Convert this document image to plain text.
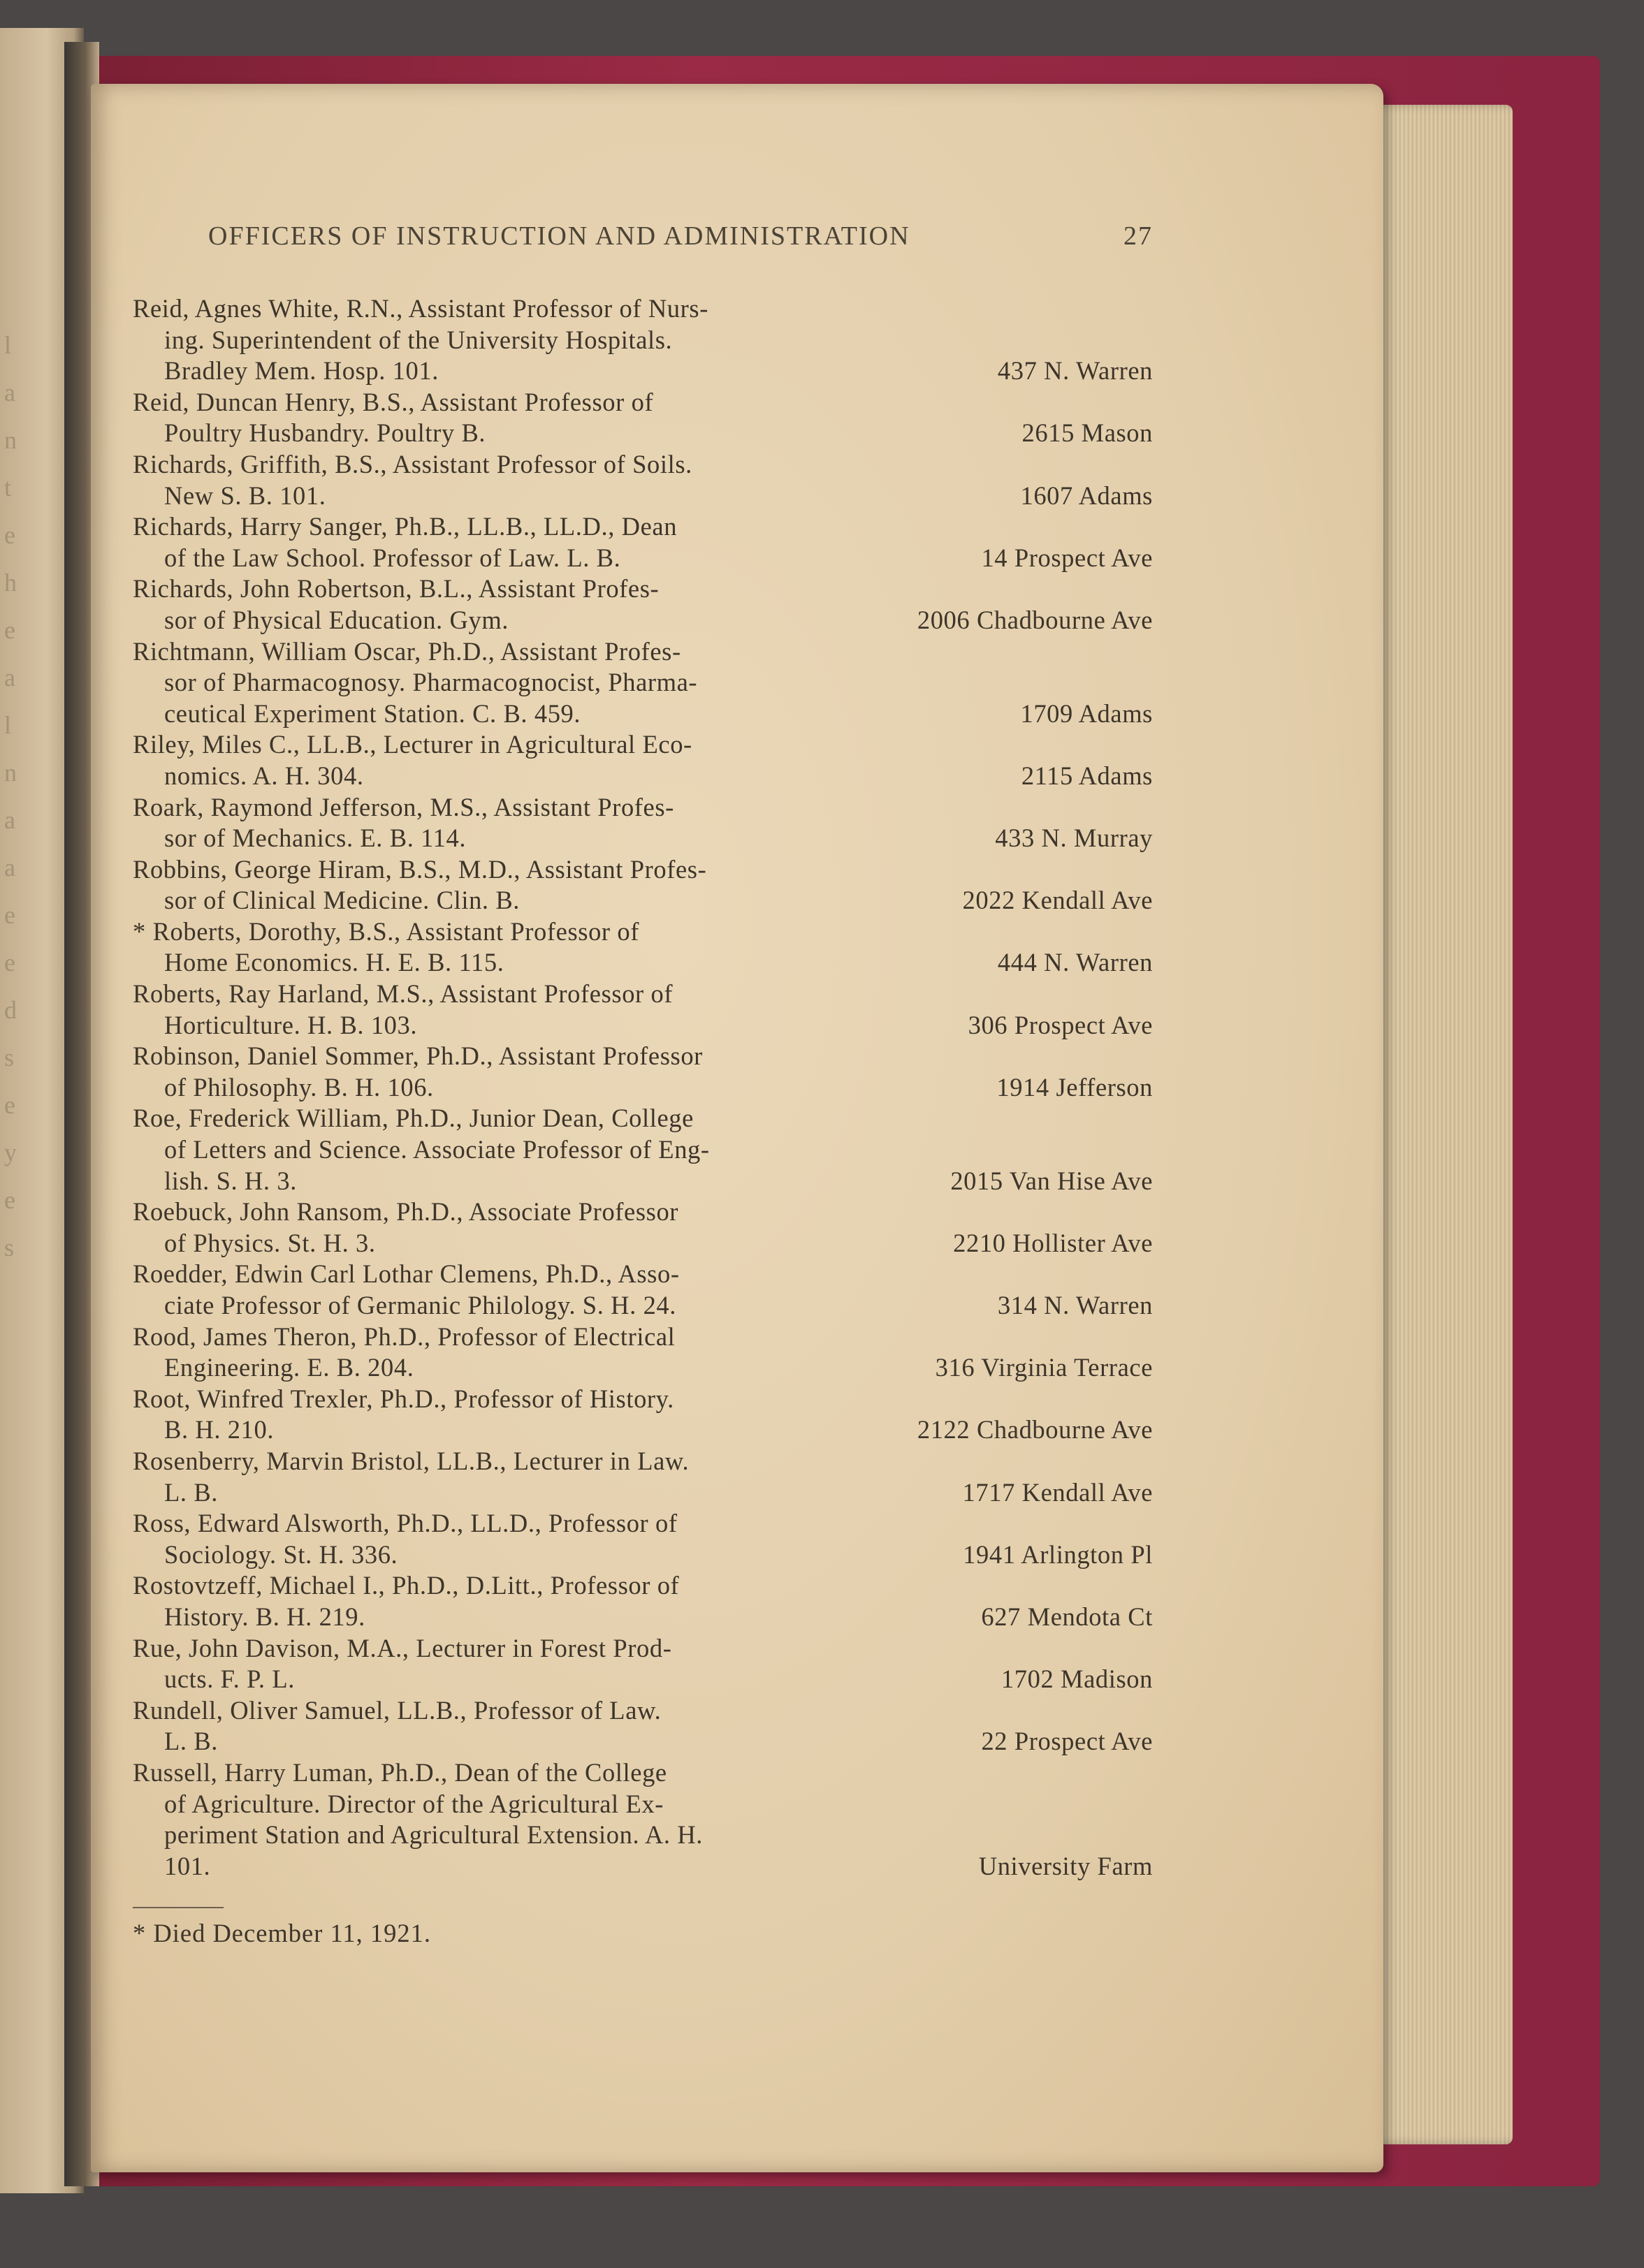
l
a
n
t
e
h
e
a
l
n
a
a
e
e
d
s
e
y
e
s
OFFICERS OF INSTRUCTION AND ADMINISTRATION	27
Reid, Agnes White, R.N., Assistant Professor of Nurs-
ing. Superintendent of the University Hospitals.
Bradley Mem. Hosp. 101.	437 N. Warren
Reid, Duncan Henry, B.S., Assistant Professor of
Poultry Husbandry. Poultry B.	2615 Mason
Richards, Griffith, B.S., Assistant Professor of Soils.
New S. B. 101.	1607 Adams
Richards, Harry Sanger, Ph.B., LL.B., LL.D., Dean
of the Law School. Professor of Law. L. B.	14 Prospect Ave
Richards, John Robertson, B.L., Assistant Profes-
sor of Physical Education. Gym.	2006 Chadbourne Ave
Richtmann, William Oscar, Ph.D., Assistant Profes-
sor of Pharmacognosy. Pharmacognocist, Pharma-
ceutical Experiment Station. C. B. 459.	1709 Adams
Riley, Miles C., LL.B., Lecturer in Agricultural Eco-
nomics. A. H. 304.	2115 Adams
Roark, Raymond Jefferson, M.S., Assistant Profes-
sor of Mechanics. E. B. 114.	433 N. Murray
Robbins, George Hiram, B.S., M.D., Assistant Profes-
sor of Clinical Medicine. Clin. B.	2022 Kendall Ave
* Roberts, Dorothy, B.S., Assistant Professor of
Home Economics. H. E. B. 115.	444 N. Warren
Roberts, Ray Harland, M.S., Assistant Professor of
Horticulture. H. B. 103.	306 Prospect Ave
Robinson, Daniel Sommer, Ph.D., Assistant Professor
of Philosophy. B. H. 106.	1914 Jefferson
Roe, Frederick William, Ph.D., Junior Dean, College
of Letters and Science. Associate Professor of Eng-
lish. S. H. 3.	2015 Van Hise Ave
Roebuck, John Ransom, Ph.D., Associate Professor
of Physics. St. H. 3.	2210 Hollister Ave
Roedder, Edwin Carl Lothar Clemens, Ph.D., Asso-
ciate Professor of Germanic Philology. S. H. 24.	314 N. Warren
Rood, James Theron, Ph.D., Professor of Electrical
Engineering. E. B. 204.	316 Virginia Terrace
Root, Winfred Trexler, Ph.D., Professor of History.
B. H. 210.	2122 Chadbourne Ave
Rosenberry, Marvin Bristol, LL.B., Lecturer in Law.
L. B.	1717 Kendall Ave
Ross, Edward Alsworth, Ph.D., LL.D., Professor of
Sociology. St. H. 336.	1941 Arlington Pl
Rostovtzeff, Michael I., Ph.D., D.Litt., Professor of
History. B. H. 219.	627 Mendota Ct
Rue, John Davison, M.A., Lecturer in Forest Prod-
ucts. F. P. L.	1702 Madison
Rundell, Oliver Samuel, LL.B., Professor of Law.
L. B.	22 Prospect Ave
Russell, Harry Luman, Ph.D., Dean of the College
of Agriculture. Director of the Agricultural Ex-
periment Station and Agricultural Extension. A. H.
101.	University Farm
* Died December 11, 1921.
